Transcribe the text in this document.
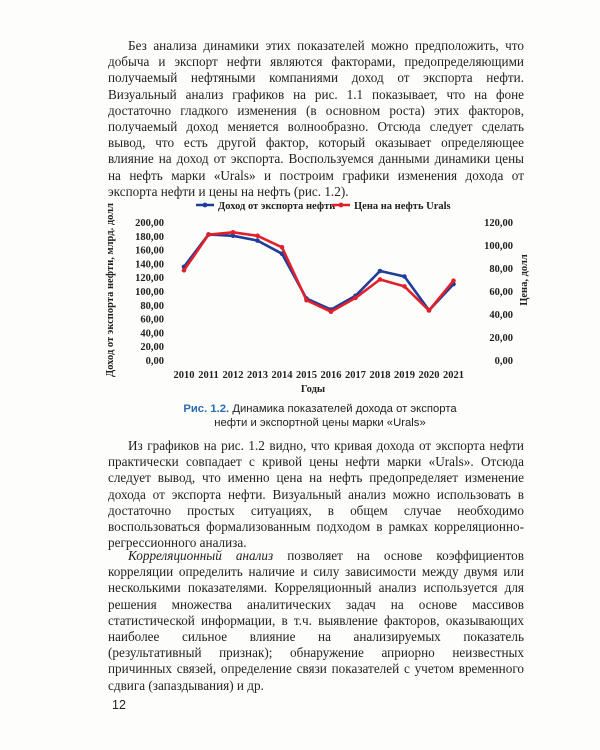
Без анализа динамики этих показателей можно предположить, что добыча и экспорт нефти являются факторами, предопределяющими получаемый нефтяными компаниями доход от экспорта нефти. Визуальный анализ графиков на рис. 1.1 показывает, что на фоне достаточно гладкого изменения (в основном роста) этих факторов, получаемый доход меняется волнообразно. Отсюда следует сделать вывод, что есть другой фактор, который оказывает определяющее влияние на доход от экспорта. Воспользуемся данными динамики цены на нефть марки «Urals» и построим графики изменения дохода от экспорта нефти и цены на нефть (рис. 1.2).

Доход от экспорта нефти Цена на нефть Urals
Доход от экспорта нефти, млрд. долл	Цена, долл
Годы
0,00
20,00
40,00
60,00
80,00
100,00
120,00
140,00
160,00
180,00
200,00
0,00
20,00
40,00
60,00
80,00
100,00
120,00
2010 2011 2012 2013 2014 2015 2016 2017 2018 2019 2020 2021
Рис. 1.2. Динамика показателей дохода от экспорта нефти и экспортной цены марки «Urals»

Из графиков на рис. 1.2 видно, что кривая дохода от экспорта нефти практически совпадает с кривой цены нефти марки «Urals». Отсюда следует вывод, что именно цена на нефть предопределяет изменение дохода от экспорта нефти. Визуальный анализ можно использовать в достаточно простых ситуациях, в общем случае необходимо воспользоваться формализованным подходом в рамках корреляционно-регрессионного анализа.

Корреляционный анализ позволяет на основе коэффициентов корреляции определить наличие и силу зависимости между двумя или несколькими показателями. Корреляционный анализ используется для решения множества аналитических задач на основе массивов статистической информации, в т.ч. выявление факторов, оказывающих наиболее сильное влияние на анализируемых показатель (результативный признак); обнаружение априорно неизвестных причинных связей, определение связи показателей с учетом временного сдвига (запаздывания) и др.

12
